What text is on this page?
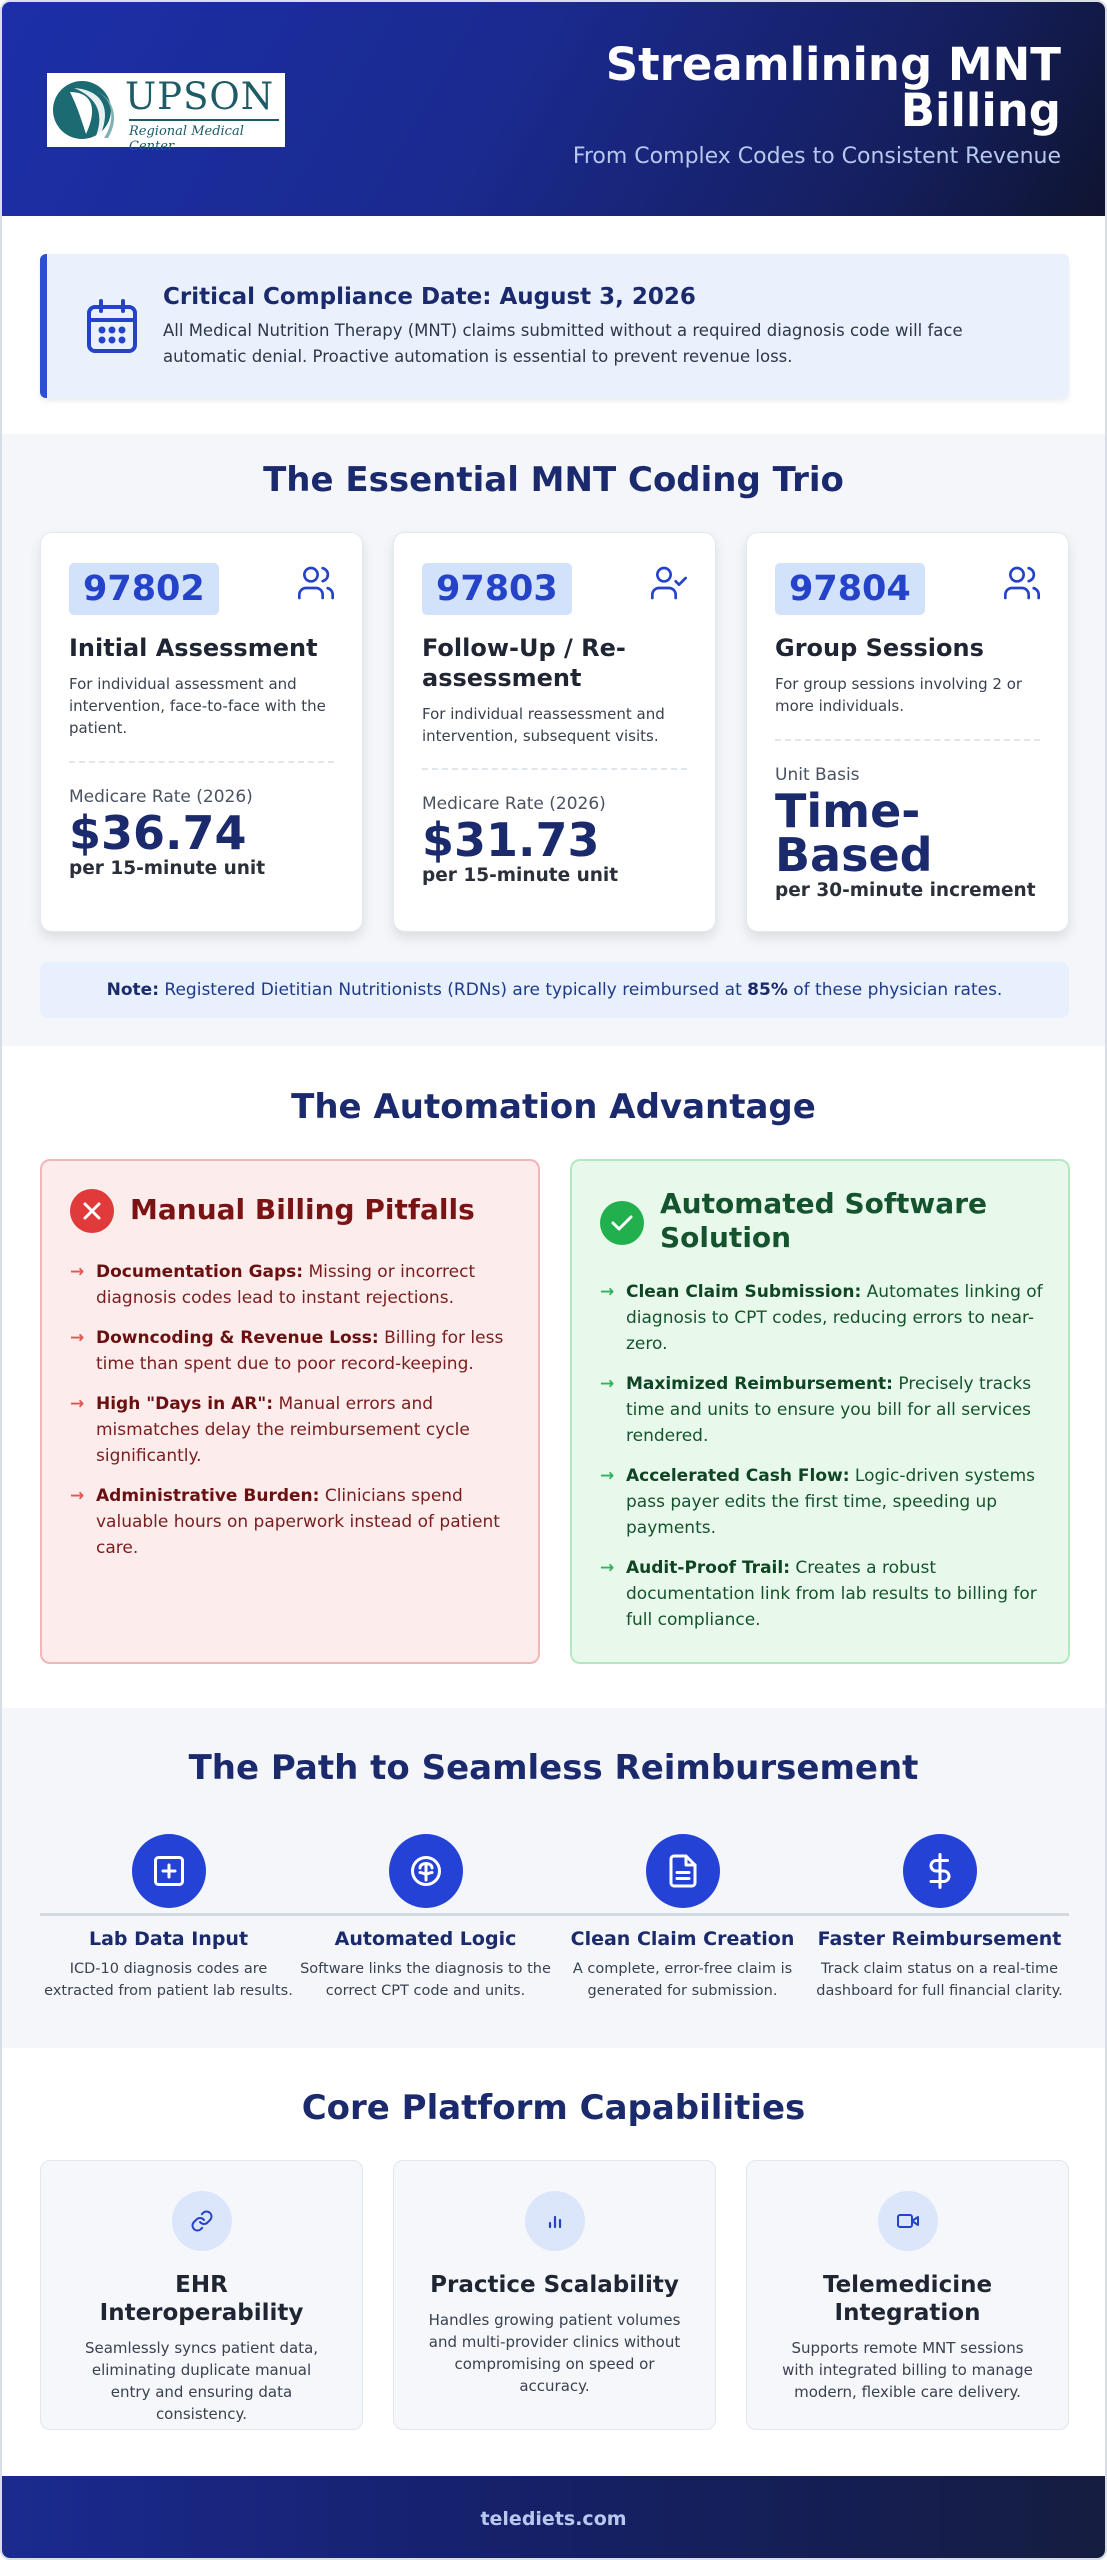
UPSON
Regional Medical Center
Streamlining MNT Billing
From Complex Codes to Consistent Revenue
Critical Compliance Date: August 3, 2026
All Medical Nutrition Therapy (MNT) claims submitted without a required diagnosis code will face automatic denial. Proactive automation is essential to prevent revenue loss.
The Essential MNT Coding Trio
97802
Initial Assessment
For individual assessment and intervention, face-to-face with the patient.
Medicare Rate (2026)
$36.74
per 15-minute unit
97803
Follow-Up / Re-assessment
For individual reassessment and intervention, subsequent visits.
Medicare Rate (2026)
$31.73
per 15-minute unit
97804
Group Sessions
For group sessions involving 2 or more individuals.
Unit Basis
Time-Based
per 30-minute increment
Note: Registered Dietitian Nutritionists (RDNs) are typically reimbursed at 85% of these physician rates.
The Automation Advantage
Manual Billing Pitfalls
→ Documentation Gaps: Missing or incorrect diagnosis codes lead to instant rejections.
→ Downcoding & Revenue Loss: Billing for less time than spent due to poor record-keeping.
→ High "Days in AR": Manual errors and mismatches delay the reimbursement cycle significantly.
→ Administrative Burden: Clinicians spend valuable hours on paperwork instead of patient care.
Automated Software Solution
→ Clean Claim Submission: Automates linking of diagnosis to CPT codes, reducing errors to near-zero.
→ Maximized Reimbursement: Precisely tracks time and units to ensure you bill for all services rendered.
→ Accelerated Cash Flow: Logic-driven systems pass payer edits the first time, speeding up payments.
→ Audit-Proof Trail: Creates a robust documentation link from lab results to billing for full compliance.
The Path to Seamless Reimbursement
Lab Data Input
ICD-10 diagnosis codes are extracted from patient lab results.
Automated Logic
Software links the diagnosis to the correct CPT code and units.
Clean Claim Creation
A complete, error-free claim is generated for submission.
Faster Reimbursement
Track claim status on a real-time dashboard for full financial clarity.
Core Platform Capabilities
EHR Interoperability
Seamlessly syncs patient data, eliminating duplicate manual entry and ensuring data consistency.
Practice Scalability
Handles growing patient volumes and multi-provider clinics without compromising on speed or accuracy.
Telemedicine Integration
Supports remote MNT sessions with integrated billing to manage modern, flexible care delivery.
telediets.com
